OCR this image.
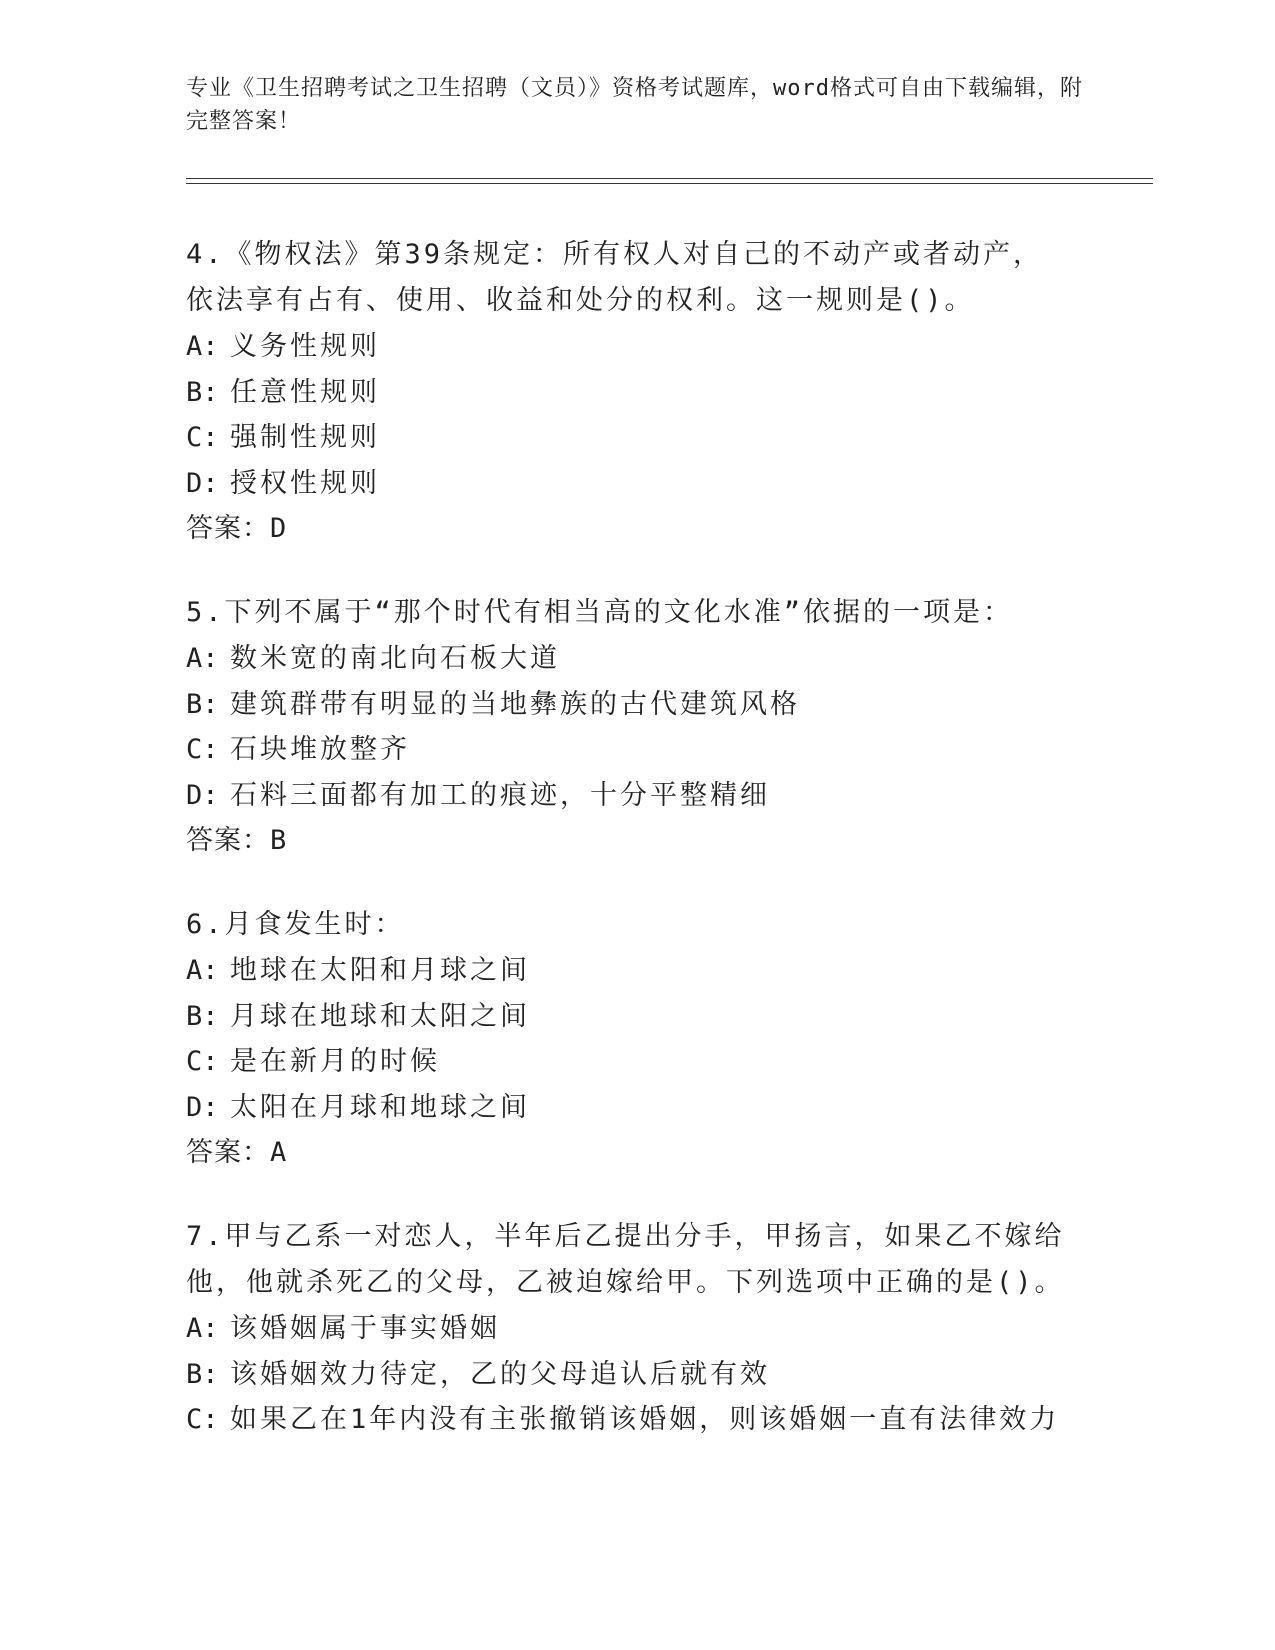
专业《卫生招聘考试之卫生招聘（文员）》资格考试题库，word格式可自由下载编辑，附完整答案！

4.《物权法》第39条规定：所有权人对自己的不动产或者动产，依法享有占有、使用、收益和处分的权利。这一规则是()。

A: 义务性规则
B: 任意性规则
C: 强制性规则
D: 授权性规则
答案：D

5.下列不属于“那个时代有相当高的文化水准”依据的一项是：

A: 数米宽的南北向石板大道
B: 建筑群带有明显的当地彝族的古代建筑风格
C: 石块堆放整齐
D: 石料三面都有加工的痕迹，十分平整精细
答案：B

6.月食发生时：

A: 地球在太阳和月球之间
B: 月球在地球和太阳之间
C: 是在新月的时候
D: 太阳在月球和地球之间
答案：A

7.甲与乙系一对恋人，半年后乙提出分手，甲扬言，如果乙不嫁给他，他就杀死乙的父母，乙被迫嫁给甲。下列选项中正确的是()。

A: 该婚姻属于事实婚姻
B: 该婚姻效力待定，乙的父母追认后就有效
C: 如果乙在1年内没有主张撤销该婚姻，则该婚姻一直有法律效力
